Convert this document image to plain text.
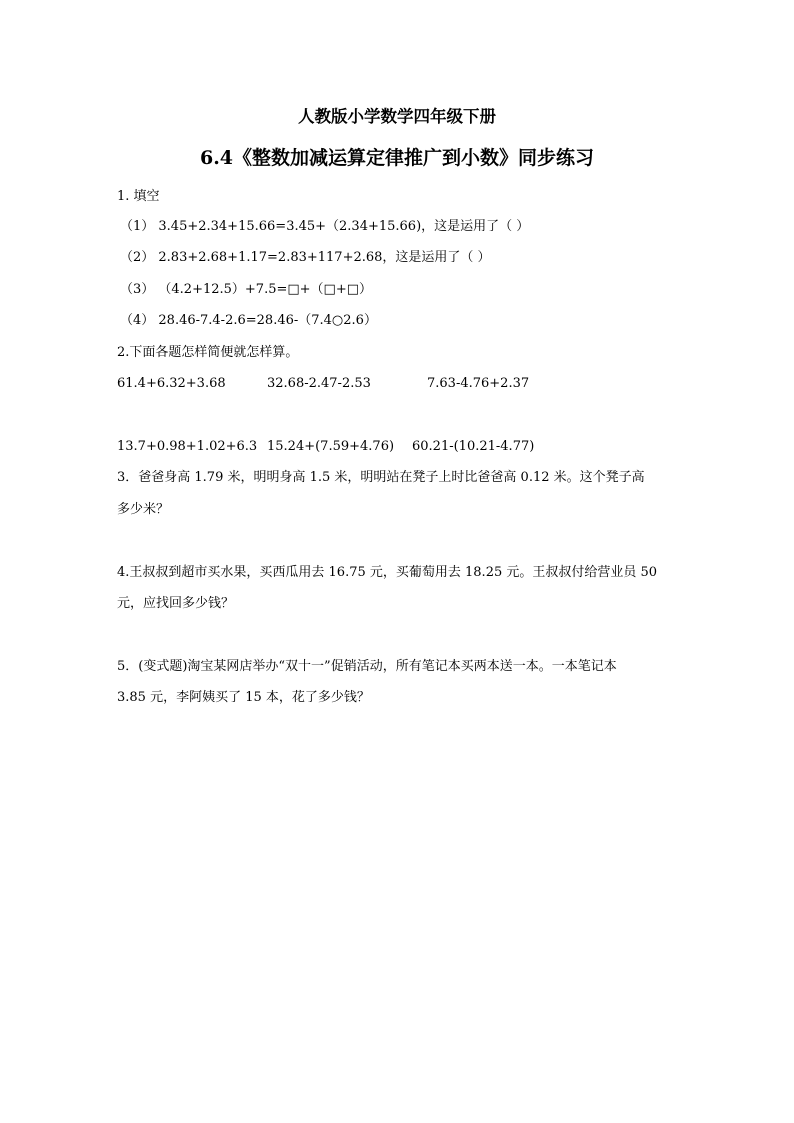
人教版小学数学四年级下册
6.4《整数加减运算定律推广到小数》同步练习
1. 填空
（1） 3.45+2.34+15.66=3.45+（2.34+15.66)，这是运用了（ ）
（2） 2.83+2.68+1.17=2.83+117+2.68，这是运用了（ ）
（3） （4.2+12.5）+7.5=□+（□+□）
（4） 28.46-7.4-2.6=28.46-（7.4○2.6）
2.下面各题怎样简便就怎样算。
61.4+6.32+3.68	32.68-2.47-2.53	7.63-4.76+2.37
13.7+0.98+1.02+6.3 15.24+(7.59+4.76) 60.21-(10.21-4.77)
3．爸爸身高 1.79 米，明明身高 1.5 米，明明站在凳子上时比爸爸高 0.12 米。这个凳子高
多少米？
4.王叔叔到超市买水果，买西瓜用去 16.75 元，买葡萄用去 18.25 元。王叔叔付给营业员 50
元，应找回多少钱？
5．(变式题)淘宝某网店举办“双十一”促销活动，所有笔记本买两本送一本。一本笔记本
3.85 元，李阿姨买了 15 本，花了多少钱？
